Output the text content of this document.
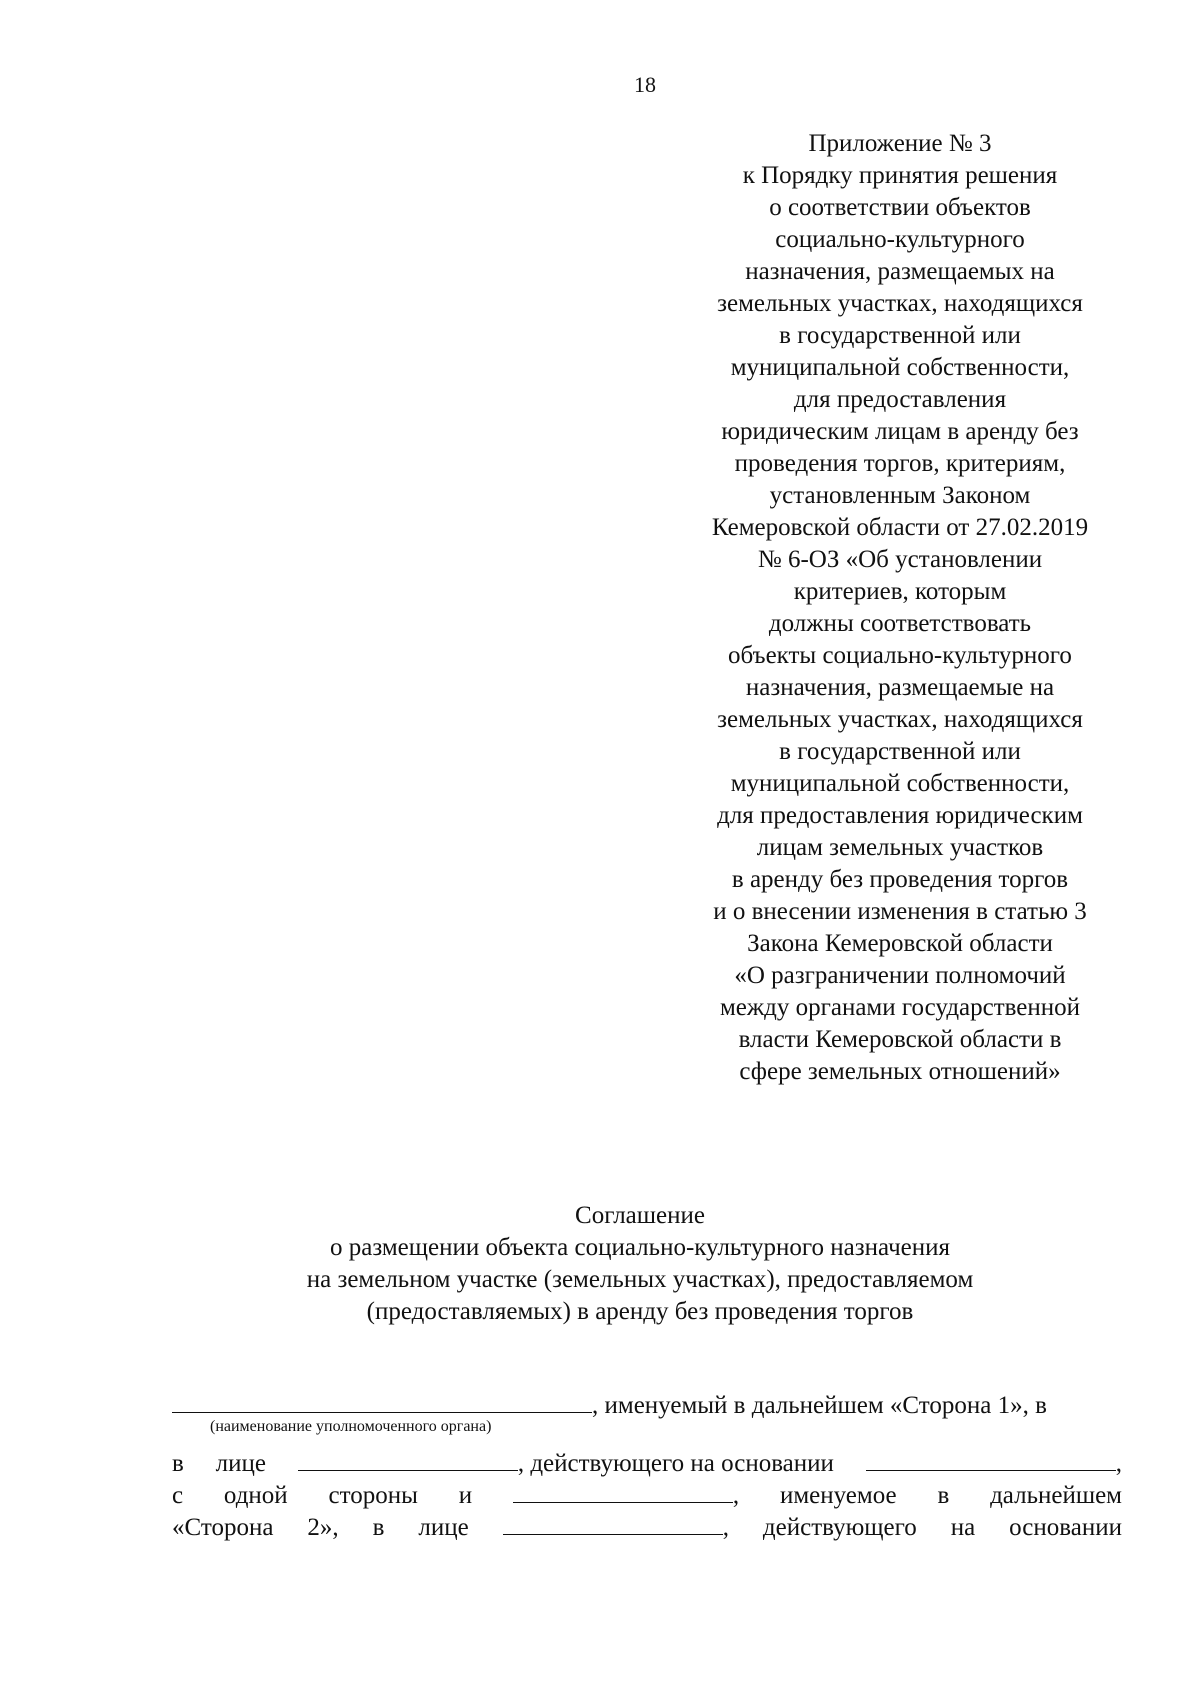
18
Приложение № 3
к Порядку принятия решения
о соответствии объектов
социально-культурного
назначения, размещаемых на
земельных участках, находящихся
в государственной или
муниципальной собственности,
для предоставления
юридическим лицам в аренду без
проведения торгов, критериям,
установленным Законом
Кемеровской области от 27.02.2019
№ 6-ОЗ «Об установлении
критериев, которым
должны соответствовать
объекты социально-культурного
назначения, размещаемые на
земельных участках, находящихся
в государственной или
муниципальной собственности,
для предоставления юридическим
лицам земельных участков
в аренду без проведения торгов
и о внесении изменения в статью 3
Закона Кемеровской области
«О разграничении полномочий
между органами государственной
власти Кемеровской области в
сфере земельных отношений»
Соглашение
о размещении объекта социально-культурного назначения
на земельном участке (земельных участках), предоставляемом
(предоставляемых) в аренду без проведения торгов
, именуемый в дальнейшем «Сторона 1», в
(наименование уполномоченного органа)
в лице	, действующего на основании	,
с одной стороны и	, именуемое в дальнейшем
«Сторона 2», в лице	, действующего на основании
